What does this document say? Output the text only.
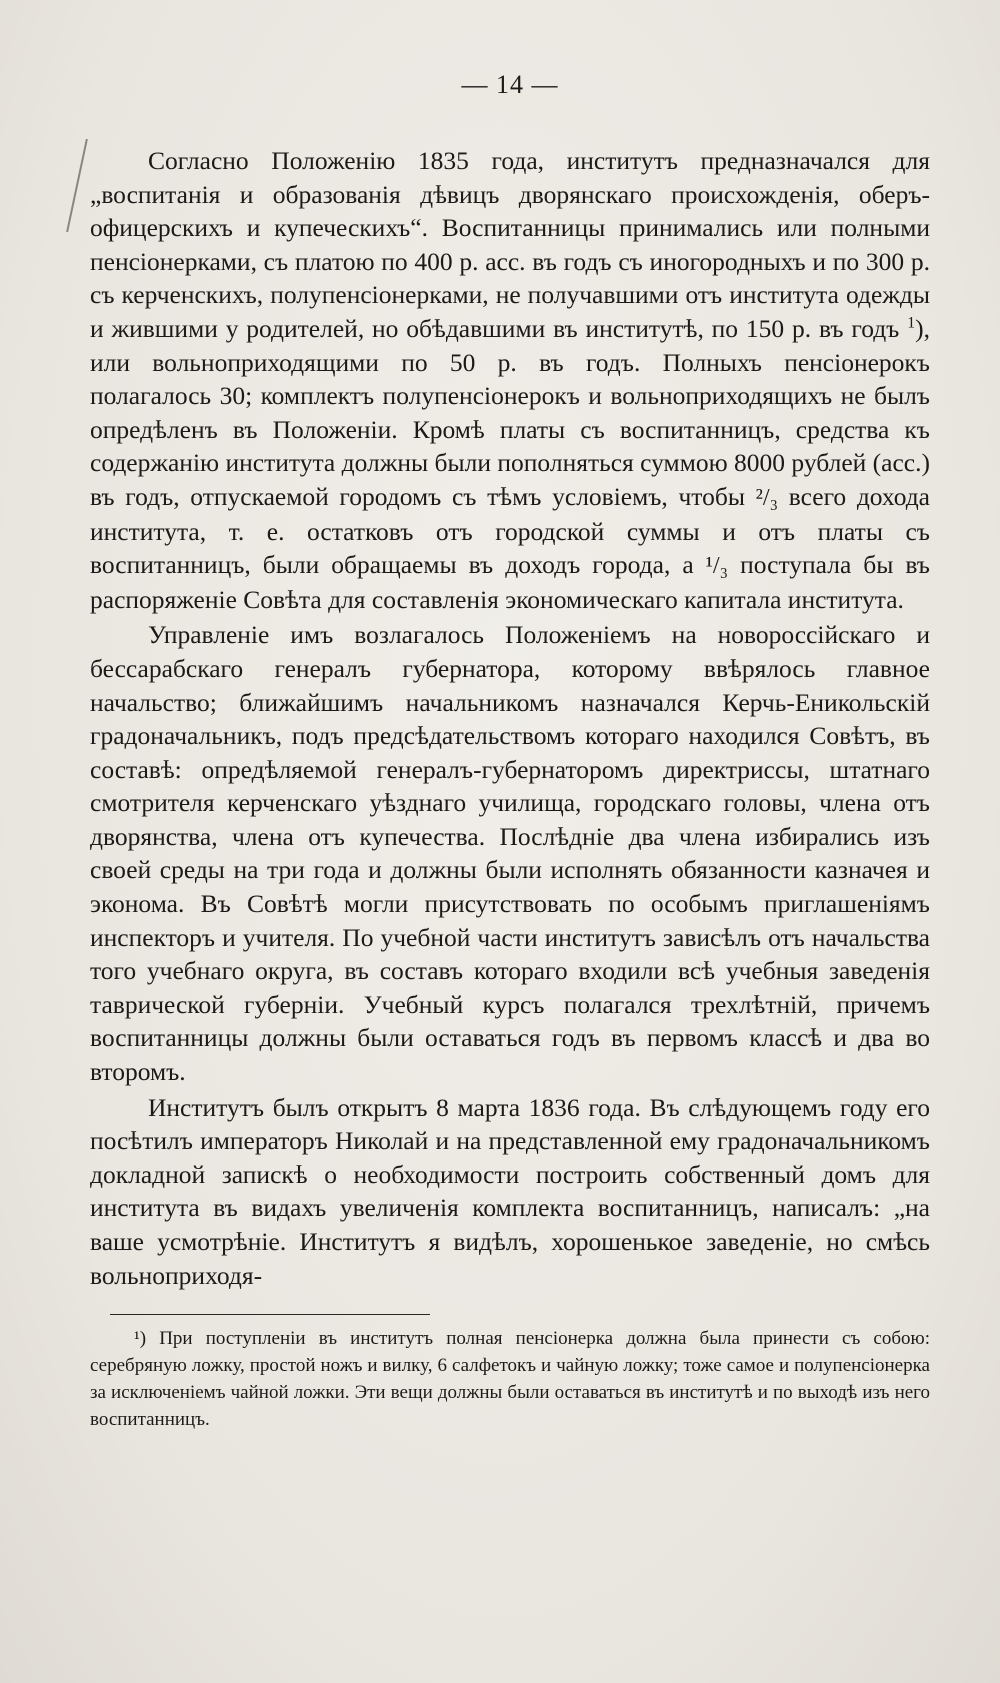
— 14 —

Согласно Положенію 1835 года, институтъ предназначался для „воспитанія и образованія дѣвицъ дворянскаго происхожденія, оберъ-офицерскихъ и купеческихъ“. Воспитанницы принимались или полными пенсіонерками, съ платою по 400 р. асс. въ годъ съ иногородныхъ и по 300 р. съ керченскихъ, полупенсіонерками, не получавшими отъ института одежды и жившими у родителей, но обѣдавшими въ институтѣ, по 150 р. въ годъ $^1$), или вольноприходящими по 50 р. въ годъ. Полныхъ пенсіонерокъ полагалось 30; комплектъ полупенсіонерокъ и вольноприходящихъ не былъ опредѣленъ въ Положеніи. Кромѣ платы съ воспитанницъ, средства къ содержанію института должны были пополняться суммою 8000 рублей (асс.) въ годъ, отпускаемой городомъ съ тѣмъ условіемъ, чтобы ²/₃ всего дохода института, т. е. остатковъ отъ городской суммы и отъ платы съ воспитанницъ, были обращаемы въ доходъ города, а ¹/₃ поступала бы въ распоряженіе Совѣта для составленія экономическаго капитала института.

Управленіе имъ возлагалось Положеніемъ на новороссійскаго и бессарабскаго генералъ губернатора, которому ввѣрялось главное начальство; ближайшимъ начальникомъ назначался Керчь-Еникольскій градоначальникъ, подъ предсѣдательствомъ котораго находился Совѣтъ, въ составѣ: опредѣляемой генералъ-губернаторомъ директриссы, штатнаго смотрителя керченскаго уѣзднаго училища, городскаго головы, члена отъ дворянства, члена отъ купечества. Послѣдніе два члена избирались изъ своей среды на три года и должны были исполнять обязанности казначея и эконома. Въ Совѣтѣ могли присутствовать по особымъ приглашеніямъ инспекторъ и учителя. По учебной части институтъ зависѣлъ отъ начальства того учебнаго округа, въ составъ котораго входили всѣ учебныя заведенія таврической губерніи. Учебный курсъ полагался трехлѣтній, причемъ воспитанницы должны были оставаться годъ въ первомъ классѣ и два во второмъ.

Институтъ былъ открытъ 8 марта 1836 года. Въ слѣдующемъ году его посѣтилъ императоръ Николай и на представленной ему градоначальникомъ докладной запискѣ о необходимости построить собственный домъ для института въ видахъ увеличенія комплекта воспитанницъ, написалъ: „на ваше усмотрѣніе. Институтъ я видѣлъ, хорошенькое заведеніе, но смѣсь вольноприходя-

¹) При поступленіи въ институтъ полная пенсіонерка должна была принести съ собою: серебряную ложку, простой ножъ и вилку, 6 салфетокъ и чайную ложку; тоже самое и полупенсіонерка за исключеніемъ чайной ложки. Эти вещи должны были оставаться въ институтѣ и по выходѣ изъ него воспитанницъ.
